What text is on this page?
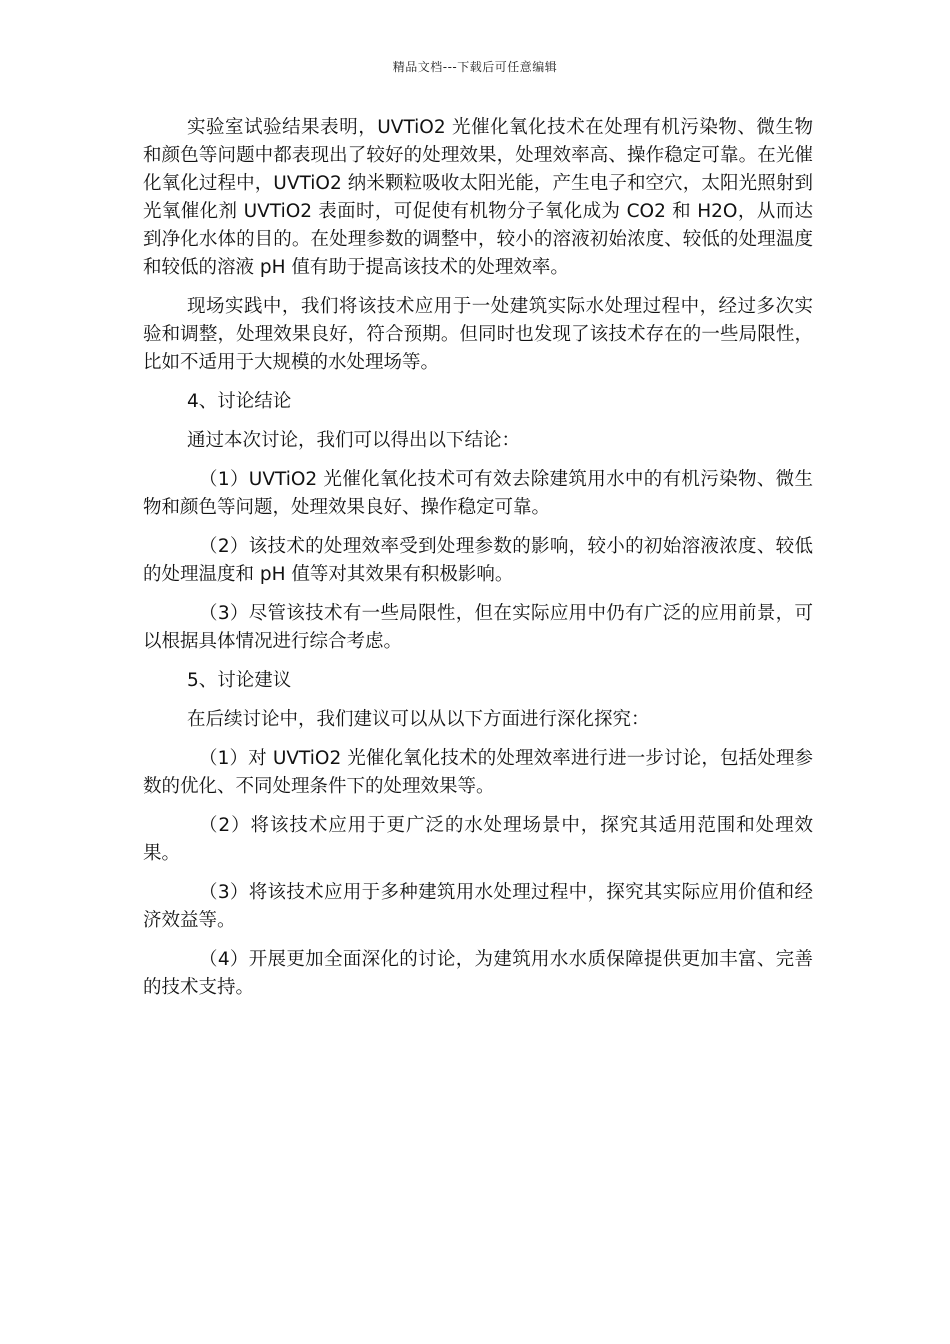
精品文档---下载后可任意编辑

实验室试验结果表明，UVTiO2 光催化氧化技术在处理有机污染物、微生物和颜色等问题中都表现出了较好的处理效果，处理效率高、操作稳定可靠。在光催化氧化过程中，UVTiO2 纳米颗粒吸收太阳光能，产生电子和空穴，太阳光照射到光氧催化剂 UVTiO2 表面时，可促使有机物分子氧化成为 CO2 和 H2O，从而达到净化水体的目的。在处理参数的调整中，较小的溶液初始浓度、较低的处理温度和较低的溶液 pH 值有助于提高该技术的处理效率。

现场实践中，我们将该技术应用于一处建筑实际水处理过程中，经过多次实验和调整，处理效果良好，符合预期。但同时也发现了该技术存在的一些局限性，比如不适用于大规模的水处理场等。

4、讨论结论

通过本次讨论，我们可以得出以下结论：

（1）UVTiO2 光催化氧化技术可有效去除建筑用水中的有机污染物、微生物和颜色等问题，处理效果良好、操作稳定可靠。

（2）该技术的处理效率受到处理参数的影响，较小的初始溶液浓度、较低的处理温度和 pH 值等对其效果有积极影响。

（3）尽管该技术有一些局限性，但在实际应用中仍有广泛的应用前景，可以根据具体情况进行综合考虑。

5、讨论建议

在后续讨论中，我们建议可以从以下方面进行深化探究：

（1）对 UVTiO2 光催化氧化技术的处理效率进行进一步讨论，包括处理参数的优化、不同处理条件下的处理效果等。

（2）将该技术应用于更广泛的水处理场景中，探究其适用范围和处理效果。

（3）将该技术应用于多种建筑用水处理过程中，探究其实际应用价值和经济效益等。

（4）开展更加全面深化的讨论，为建筑用水水质保障提供更加丰富、完善的技术支持。
